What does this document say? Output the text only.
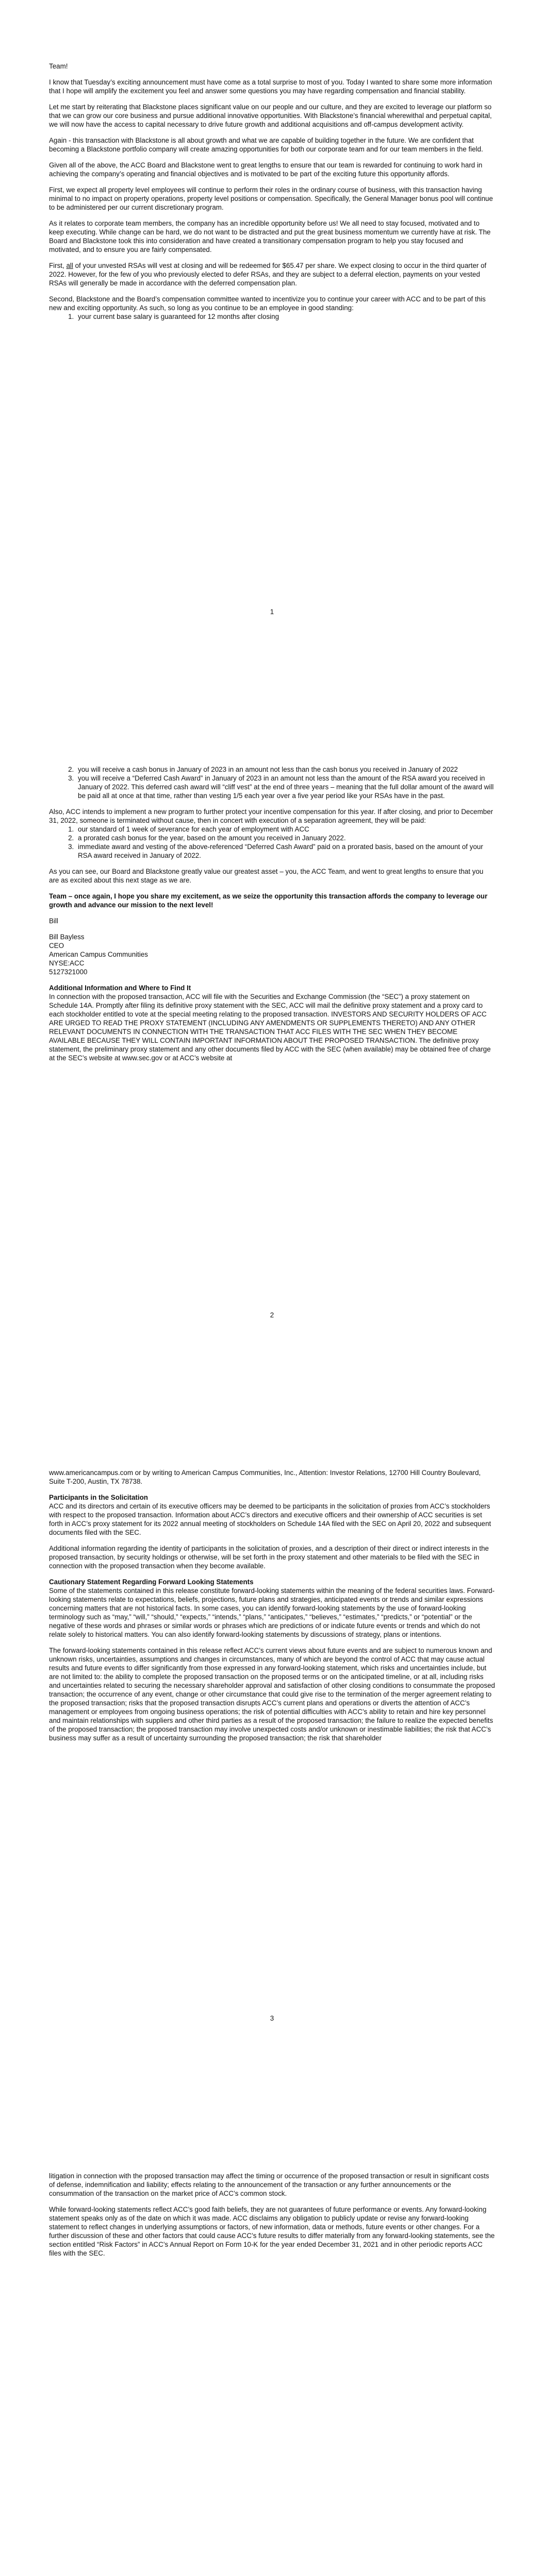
Team!

I know that Tuesday’s exciting announcement must have come as a total surprise to most of you. Today I wanted to share some more information that I hope will amplify the excitement you feel and answer some questions you may have regarding compensation and financial stability.

Let me start by reiterating that Blackstone places significant value on our people and our culture, and they are excited to leverage our platform so that we can grow our core business and pursue additional innovative opportunities. With Blackstone’s financial wherewithal and perpetual capital, we will now have the access to capital necessary to drive future growth and additional acquisitions and off-campus development activity.

Again - this transaction with Blackstone is all about growth and what we are capable of building together in the future. We are confident that becoming a Blackstone portfolio company will create amazing opportunities for both our corporate team and for our team members in the field.

Given all of the above, the ACC Board and Blackstone went to great lengths to ensure that our team is rewarded for continuing to work hard in achieving the company’s operating and financial objectives and is motivated to be part of the exciting future this opportunity affords.

First, we expect all property level employees will continue to perform their roles in the ordinary course of business, with this transaction having minimal to no impact on property operations, property level positions or compensation. Specifically, the General Manager bonus pool will continue to be administered per our current discretionary program.

As it relates to corporate team members, the company has an incredible opportunity before us! We all need to stay focused, motivated and to keep executing. While change can be hard, we do not want to be distracted and put the great business momentum we currently have at risk. The Board and Blackstone took this into consideration and have created a transitionary compensation program to help you stay focused and motivated, and to ensure you are fairly compensated.

First, all of your unvested RSAs will vest at closing and will be redeemed for $65.47 per share. We expect closing to occur in the third quarter of 2022. However, for the few of you who previously elected to defer RSAs, and they are subject to a deferral election, payments on your vested RSAs will generally be made in accordance with the deferred compensation plan.

Second, Blackstone and the Board’s compensation committee wanted to incentivize you to continue your career with ACC and to be part of this new and exciting opportunity. As such, so long as you continue to be an employee in good standing:

1. your current base salary is guaranteed for 12 months after closing
1
2. you will receive a cash bonus in January of 2023 in an amount not less than the cash bonus you received in January of 2022
3. you will receive a “Deferred Cash Award” in January of 2023 in an amount not less than the amount of the RSA award you received in January of 2022. This deferred cash award will “cliff vest” at the end of three years – meaning that the full dollar amount of the award will be paid all at once at that time, rather than vesting 1/5 each year over a five year period like your RSAs have in the past.

Also, ACC intends to implement a new program to further protect your incentive compensation for this year. If after closing, and prior to December 31, 2022, someone is terminated without cause, then in concert with execution of a separation agreement, they will be paid:

1. our standard of 1 week of severance for each year of employment with ACC
2. a prorated cash bonus for the year, based on the amount you received in January 2022.
3. immediate award and vesting of the above-referenced “Deferred Cash Award” paid on a prorated basis, based on the amount of your RSA award received in January of 2022.

As you can see, our Board and Blackstone greatly value our greatest asset – you, the ACC Team, and went to great lengths to ensure that you are as excited about this next stage as we are.

Team – once again, I hope you share my excitement, as we seize the opportunity this transaction affords the company to leverage our growth and advance our mission to the next level!

Bill

Bill Bayless

CEO

American Campus Communities

NYSE:ACC

5127321000

Additional Information and Where to Find It

In connection with the proposed transaction, ACC will file with the Securities and Exchange Commission (the “SEC”) a proxy statement on Schedule 14A. Promptly after filing its definitive proxy statement with the SEC, ACC will mail the definitive proxy statement and a proxy card to each stockholder entitled to vote at the special meeting relating to the proposed transaction. INVESTORS AND SECURITY HOLDERS OF ACC ARE URGED TO READ THE PROXY STATEMENT (INCLUDING ANY AMENDMENTS OR SUPPLEMENTS THERETO) AND ANY OTHER RELEVANT DOCUMENTS IN CONNECTION WITH THE TRANSACTION THAT ACC FILES WITH THE SEC WHEN THEY BECOME AVAILABLE BECAUSE THEY WILL CONTAIN IMPORTANT INFORMATION ABOUT THE PROPOSED TRANSACTION. The definitive proxy statement, the preliminary proxy statement and any other documents filed by ACC with the SEC (when available) may be obtained free of charge at the SEC’s website at www.sec.gov or at ACC’s website at

2

www.americancampus.com or by writing to American Campus Communities, Inc., Attention: Investor Relations, 12700 Hill Country Boulevard, Suite T-200, Austin, TX 78738.

Participants in the Solicitation

ACC and its directors and certain of its executive officers may be deemed to be participants in the solicitation of proxies from ACC’s stockholders with respect to the proposed transaction. Information about ACC’s directors and executive officers and their ownership of ACC securities is set forth in ACC’s proxy statement for its 2022 annual meeting of stockholders on Schedule 14A filed with the SEC on April 20, 2022 and subsequent documents filed with the SEC.

Additional information regarding the identity of participants in the solicitation of proxies, and a description of their direct or indirect interests in the proposed transaction, by security holdings or otherwise, will be set forth in the proxy statement and other materials to be filed with the SEC in connection with the proposed transaction when they become available.

Cautionary Statement Regarding Forward Looking Statements

Some of the statements contained in this release constitute forward-looking statements within the meaning of the federal securities laws. Forward-looking statements relate to expectations, beliefs, projections, future plans and strategies, anticipated events or trends and similar expressions concerning matters that are not historical facts. In some cases, you can identify forward-looking statements by the use of forward-looking terminology such as “may,” “will,” “should,” “expects,” “intends,” “plans,” “anticipates,” “believes,” “estimates,” “predicts,” or “potential” or the negative of these words and phrases or similar words or phrases which are predictions of or indicate future events or trends and which do not relate solely to historical matters. You can also identify forward-looking statements by discussions of strategy, plans or intentions.

The forward-looking statements contained in this release reflect ACC’s current views about future events and are subject to numerous known and unknown risks, uncertainties, assumptions and changes in circumstances, many of which are beyond the control of ACC that may cause actual results and future events to differ significantly from those expressed in any forward-looking statement, which risks and uncertainties include, but are not limited to: the ability to complete the proposed transaction on the proposed terms or on the anticipated timeline, or at all, including risks and uncertainties related to securing the necessary shareholder approval and satisfaction of other closing conditions to consummate the proposed transaction; the occurrence of any event, change or other circumstance that could give rise to the termination of the merger agreement relating to the proposed transaction; risks that the proposed transaction disrupts ACC’s current plans and operations or diverts the attention of ACC’s management or employees from ongoing business operations; the risk of potential difficulties with ACC’s ability to retain and hire key personnel and maintain relationships with suppliers and other third parties as a result of the proposed transaction; the failure to realize the expected benefits of the proposed transaction; the proposed transaction may involve unexpected costs and/or unknown or inestimable liabilities; the risk that ACC’s business may suffer as a result of uncertainty surrounding the proposed transaction; the risk that shareholder

3

litigation in connection with the proposed transaction may affect the timing or occurrence of the proposed transaction or result in significant costs of defense, indemnification and liability; effects relating to the announcement of the transaction or any further announcements or the consummation of the transaction on the market price of ACC’s common stock.

While forward-looking statements reflect ACC’s good faith beliefs, they are not guarantees of future performance or events. Any forward-looking statement speaks only as of the date on which it was made. ACC disclaims any obligation to publicly update or revise any forward-looking statement to reflect changes in underlying assumptions or factors, of new information, data or methods, future events or other changes. For a further discussion of these and other factors that could cause ACC’s future results to differ materially from any forward-looking statements, see the section entitled “Risk Factors” in ACC’s Annual Report on Form 10-K for the year ended December 31, 2021 and in other periodic reports ACC files with the SEC.
